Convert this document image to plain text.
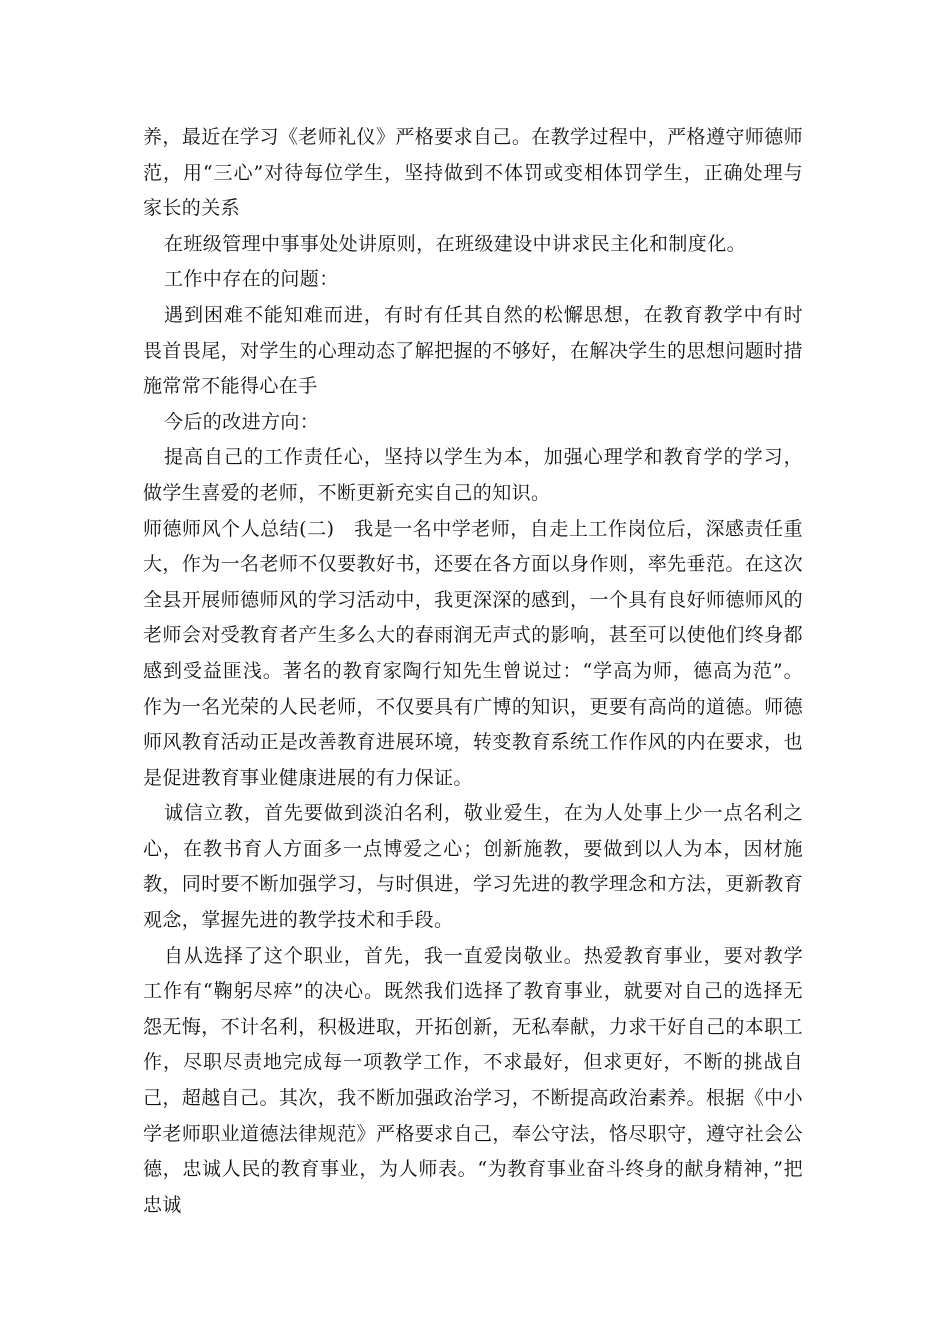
养，最近在学习《老师礼仪》严格要求自己。在教学过程中，严格遵守师德师范，用“三心”对待每位学生，坚持做到不体罚或变相体罚学生，正确处理与家长的关系

在班级管理中事事处处讲原则，在班级建设中讲求民主化和制度化。

工作中存在的问题：

遇到困难不能知难而进，有时有任其自然的松懈思想，在教育教学中有时畏首畏尾，对学生的心理动态了解把握的不够好，在解决学生的思想问题时措施常常不能得心在手

今后的改进方向：

提高自己的工作责任心，坚持以学生为本，加强心理学和教育学的学习，做学生喜爱的老师，不断更新充实自己的知识。

师德师风个人总结(二)　我是一名中学老师，自走上工作岗位后，深感责任重大，作为一名老师不仅要教好书，还要在各方面以身作则，率先垂范。在这次全县开展师德师风的学习活动中，我更深深的感到，一个具有良好师德师风的老师会对受教育者产生多么大的春雨润无声式的影响，甚至可以使他们终身都感到受益匪浅。著名的教育家陶行知先生曾说过：“学高为师，德高为范”。作为一名光荣的人民老师，不仅要具有广博的知识，更要有高尚的道德。师德师风教育活动正是改善教育进展环境，转变教育系统工作作风的内在要求，也是促进教育事业健康进展的有力保证。

诚信立教，首先要做到淡泊名利，敬业爱生，在为人处事上少一点名利之心，在教书育人方面多一点博爱之心；创新施教，要做到以人为本，因材施教，同时要不断加强学习，与时俱进，学习先进的教学理念和方法，更新教育观念，掌握先进的教学技术和手段。

自从选择了这个职业，首先，我一直爱岗敬业。热爱教育事业，要对教学工作有“鞠躬尽瘁”的决心。既然我们选择了教育事业，就要对自己的选择无怨无悔，不计名利，积极进取，开拓创新，无私奉献，力求干好自己的本职工作，尽职尽责地完成每一项教学工作，不求最好，但求更好，不断的挑战自己，超越自己。其次，我不断加强政治学习，不断提高政治素养。根据《中小学老师职业道德法律规范》严格要求自己，奉公守法，恪尽职守，遵守社会公德，忠诚人民的教育事业，为人师表。“为教育事业奋斗终身的献身精神，”把忠诚
